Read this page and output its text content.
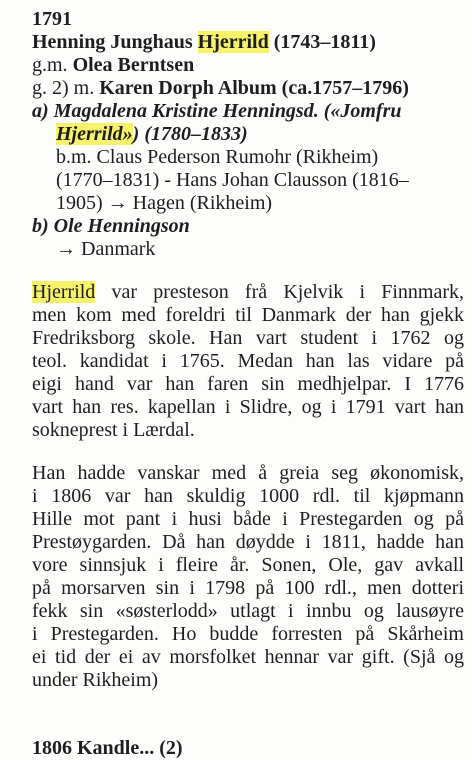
1791
Henning Junghaus Hjerrild (1743–1811)
g.m. Olea Berntsen
g. 2) m. Karen Dorph Album (ca.1757–1796)
a) Magdalena Kristine Henningsd. («Jomfru
Hjerrild») (1780–1833)
b.m. Claus Pederson Rumohr (Rikheim)
(1770–1831) - Hans Johan Clausson (1816–
1905) → Hagen (Rikheim)
b) Ole Henningson
→ Danmark
Hjerrild var presteson frå Kjelvik i Finnmark,
men kom med foreldri til Danmark der han gjekk
Fredriksborg skole. Han vart student i 1762 og
teol. kandidat i 1765. Medan han las vidare på
eigi hand var han faren sin medhjelpar. I 1776
vart han res. kapellan i Slidre, og i 1791 vart han
sokneprest i Lærdal.
Han hadde vanskar med å greia seg økonomisk,
i 1806 var han skuldig 1000 rdl. til kjøpmann
Hille mot pant i husi både i Prestegarden og på
Prestøygarden. Då han døydde i 1811, hadde han
vore sinnsjuk i fleire år. Sonen, Ole, gav avkall
på morsarven sin i 1798 på 100 rdl., men dotteri
fekk sin «søsterlodd» utlagt i innbu og lausøyre
i Prestegarden. Ho budde forresten på Skårheim
ei tid der ei av morsfolket hennar var gift. (Sjå og
under Rikheim)
1806 Kandle... (2)
